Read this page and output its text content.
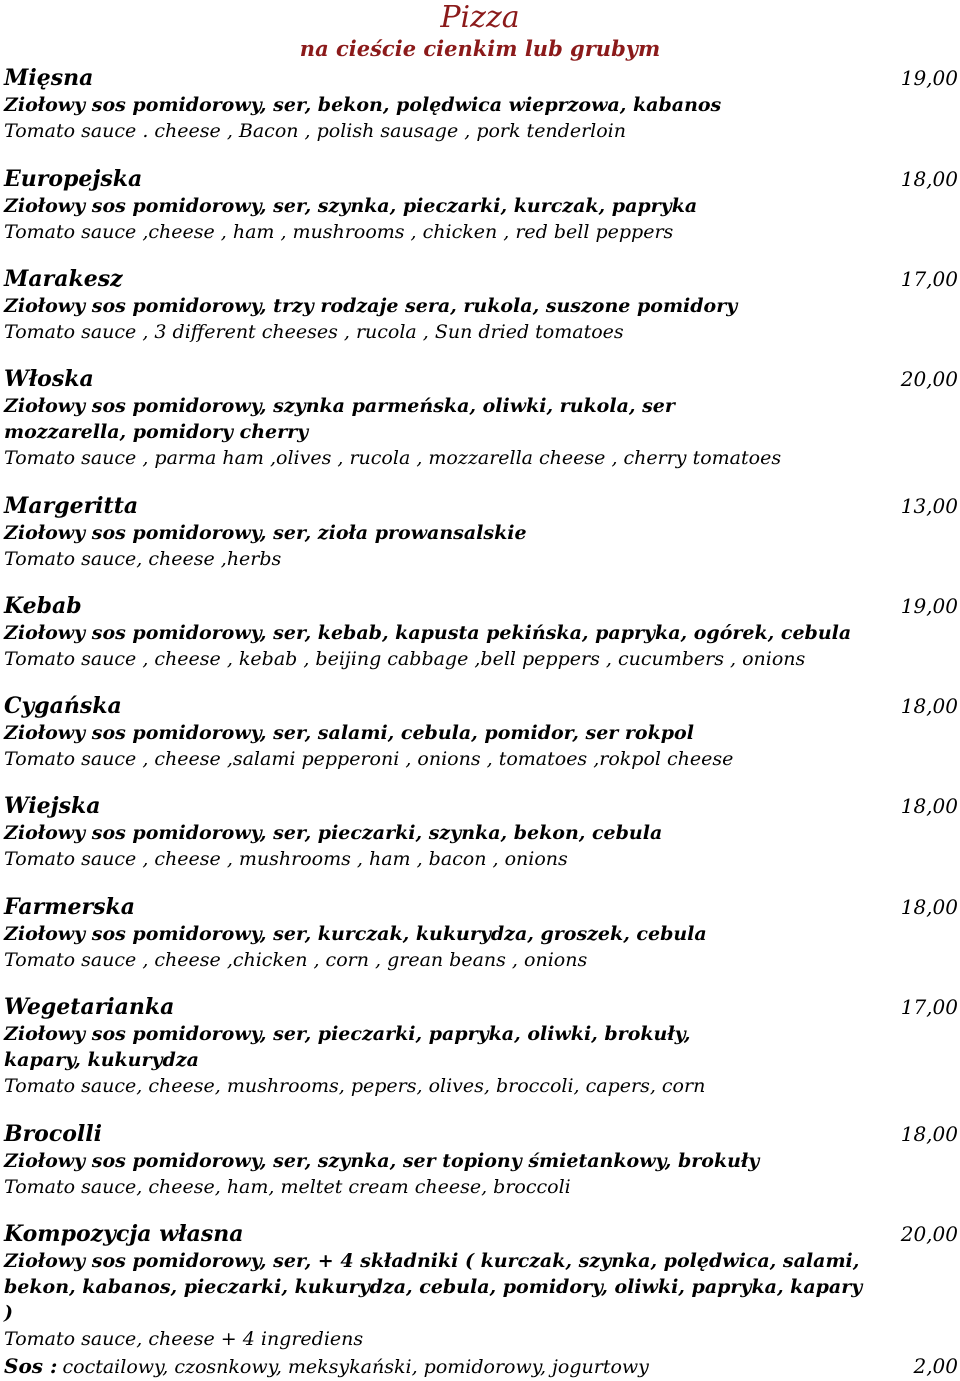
Pizza
na cieście cienkim lub grubym
Mięsna	19,00
Ziołowy sos pomidorowy, ser, bekon, polędwica wieprzowa, kabanos
Tomato sauce . cheese , Bacon , polish sausage , pork tenderloin
Europejska	18,00
Ziołowy sos pomidorowy, ser, szynka, pieczarki, kurczak, papryka
Tomato sauce ,cheese , ham , mushrooms , chicken , red bell peppers
Marakesz	17,00
Ziołowy sos pomidorowy, trzy rodzaje sera, rukola, suszone pomidory
Tomato sauce , 3 different cheeses , rucola , Sun dried tomatoes
Włoska	20,00
Ziołowy sos pomidorowy, szynka parmeńska, oliwki, rukola, ser mozzarella, pomidory cherry
Tomato sauce , parma ham ,olives , rucola , mozzarella cheese , cherry tomatoes
Margeritta	13,00
Ziołowy sos pomidorowy, ser, zioła prowansalskie
Tomato sauce, cheese ,herbs
Kebab	19,00
Ziołowy sos pomidorowy, ser, kebab, kapusta pekińska, papryka, ogórek, cebula
Tomato sauce , cheese , kebab , beijing cabbage ,bell peppers , cucumbers , onions
Cygańska	18,00
Ziołowy sos pomidorowy, ser, salami, cebula, pomidor, ser rokpol
Tomato sauce , cheese ,salami pepperoni , onions , tomatoes ,rokpol cheese
Wiejska	18,00
Ziołowy sos pomidorowy, ser, pieczarki, szynka, bekon, cebula
Tomato sauce , cheese , mushrooms , ham , bacon , onions
Farmerska	18,00
Ziołowy sos pomidorowy, ser, kurczak, kukurydza, groszek, cebula
Tomato sauce , cheese ,chicken , corn , grean beans , onions
Wegetarianka	17,00
Ziołowy sos pomidorowy, ser, pieczarki, papryka, oliwki, brokuły, kapary, kukurydza
Tomato sauce, cheese, mushrooms, pepers, olives, broccoli, capers, corn
Brocolli	18,00
Ziołowy sos pomidorowy, ser, szynka, ser topiony śmietankowy, brokuły
Tomato sauce, cheese, ham, meltet cream cheese, broccoli
Kompozycja własna	20,00
Ziołowy sos pomidorowy, ser, + 4 składniki ( kurczak, szynka, polędwica, salami, bekon, kabanos, pieczarki, kukurydza, cebula, pomidory, oliwki, papryka, kapary )
Tomato sauce, cheese + 4 ingrediens
Sos : coctailowy, czosnkowy, meksykański, pomidorowy, jogurtowy	2,00
